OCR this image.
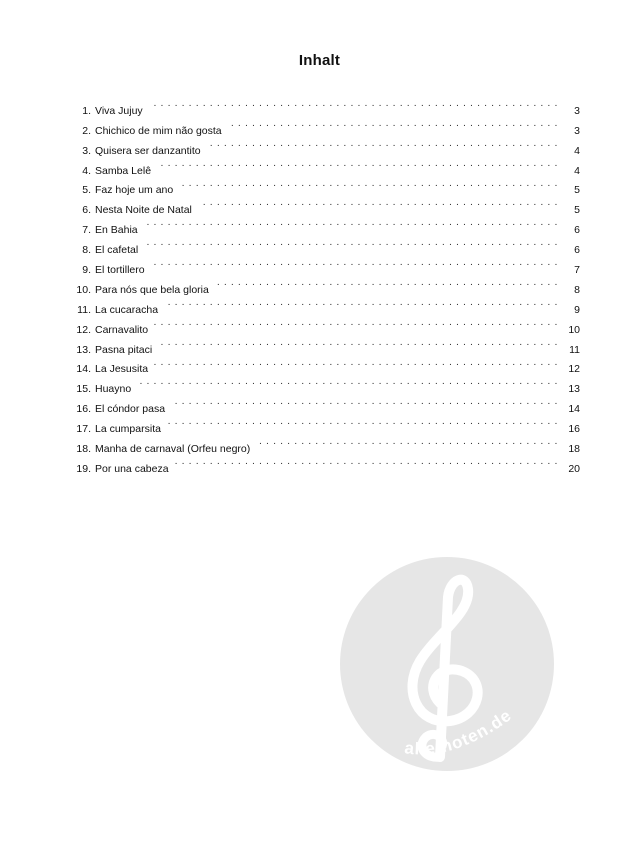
Inhalt
1. Viva Jujuy . . .	3
2. Chichico de mim não gosta . . .	3
3. Quisera ser danzantito . . .	4
4. Samba Lelê . . .	4
5. Faz hoje um ano . . .	5
6. Nesta Noite de Natal . . .	5
7. En Bahia . . .	6
8. El cafetal . . .	6
9. El tortillero . . .	7
10. Para nós que bela gloria . . .	8
11. La cucaracha . . .	9
12. Carnavalito . . .	10
13. Pasna pitaci . . .	11
14. La Jesusita . . .	12
15. Huayno . . .	13
16. El cóndor pasa . . .	14
17. La cumparsita . . .	16
18. Manha de carnaval (Orfeu negro) . . .	18
19. Por una cabeza . . .	20
alle-noten.de
